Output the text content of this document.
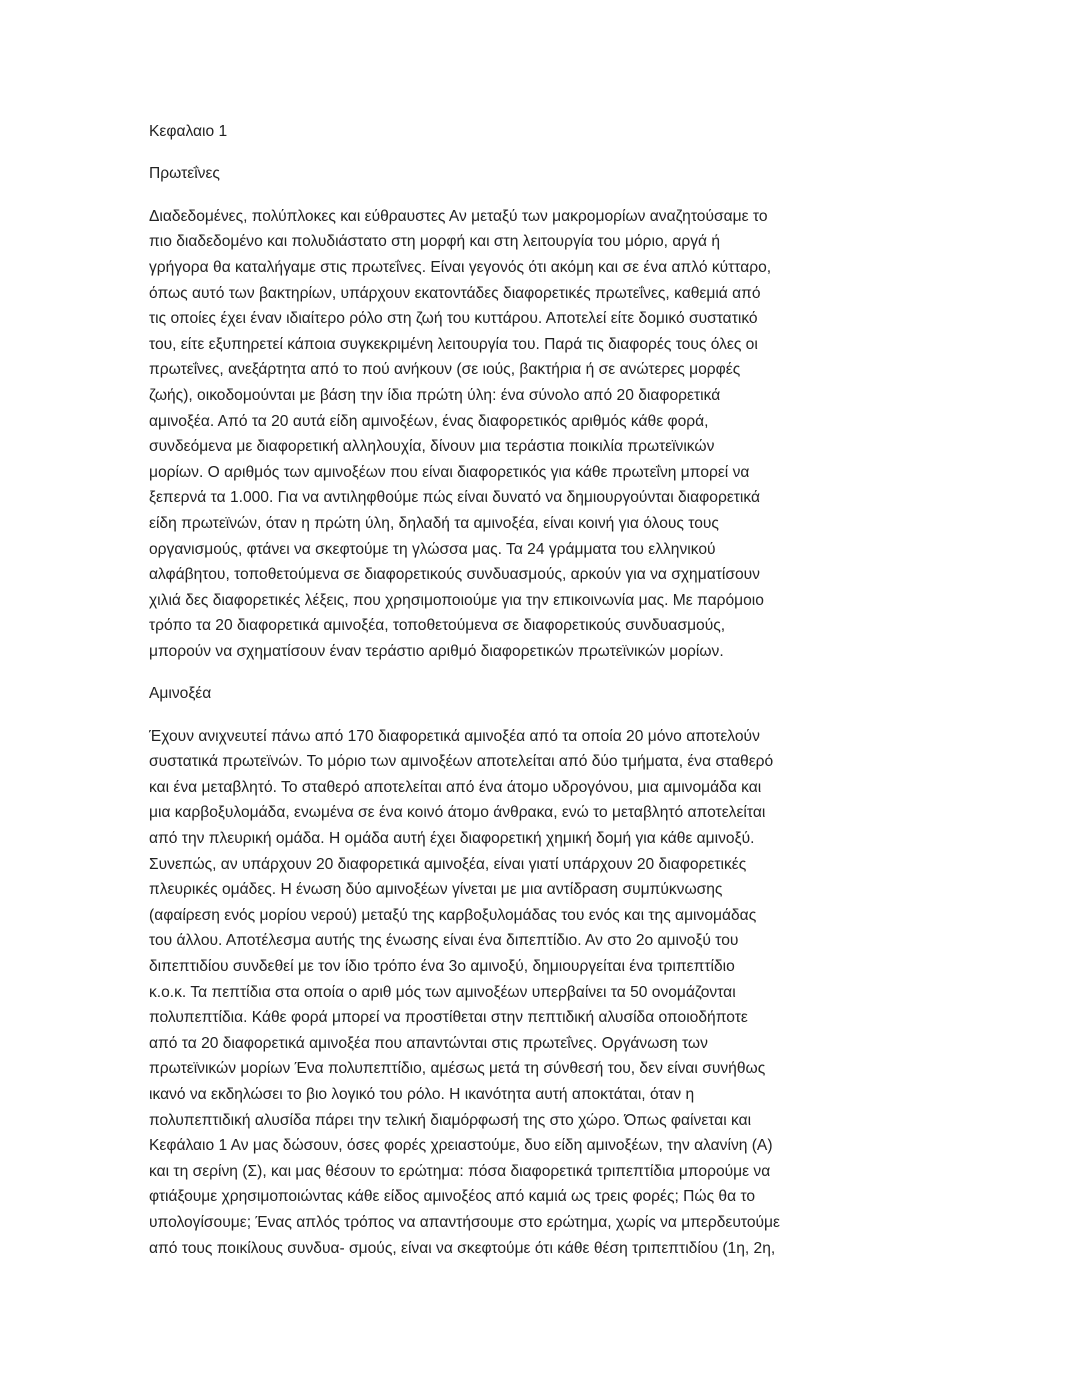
Κεφαλαιο 1
Πρωτεΐνες
Διαδεδομένες, πολύπλοκες και εύθραυστες Αν μεταξύ των μακρομορίων αναζητούσαμε το
πιο διαδεδομένο και πολυδιάστατο στη μορφή και στη λειτουργία του μόριο, αργά ή
γρήγορα θα καταλήγαμε στις πρωτεΐνες. Είναι γεγονός ότι ακόμη και σε ένα απλό κύτταρο,
όπως αυτό των βακτηρίων, υπάρχουν εκατοντάδες διαφορετικές πρωτεΐνες, καθεμιά από
τις οποίες έχει έναν ιδιαίτερο ρόλο στη ζωή του κυττάρου. Αποτελεί είτε δομικό συστατικό
του, είτε εξυπηρετεί κάποια συγκεκριμένη λειτουργία του. Παρά τις διαφορές τους όλες οι
πρωτεΐνες, ανεξάρτητα από το πού ανήκουν (σε ιούς, βακτήρια ή σε ανώτερες μορφές
ζωής), οικοδομούνται με βάση την ίδια πρώτη ύλη: ένα σύνολο από 20 διαφορετικά
αμινοξέα. Από τα 20 αυτά είδη αμινοξέων, ένας διαφορετικός αριθμός κάθε φορά,
συνδεόμενα με διαφορετική αλληλουχία, δίνουν μια τεράστια ποικιλία πρωτεϊνικών
μορίων. Ο αριθμός των αμινοξέων που είναι διαφορετικός για κάθε πρωτεΐνη μπορεί να
ξεπερνά τα 1.000. Για να αντιληφθούμε πώς είναι δυνατό να δημιουργούνται διαφορετικά
είδη πρωτεϊνών, όταν η πρώτη ύλη, δηλαδή τα αμινοξέα, είναι κοινή για όλους τους
οργανισμούς, φτάνει να σκεφτούμε τη γλώσσα μας. Τα 24 γράμματα του ελληνικού
αλφάβητου, τοποθετούμενα σε διαφορετικούς συνδυασμούς, αρκούν για να σχηματίσουν
χιλιά δες διαφορετικές λέξεις, που χρησιμοποιούμε για την επικοινωνία μας. Με παρόμοιο
τρόπο τα 20 διαφορετικά αμινοξέα, τοποθετούμενα σε διαφορετικούς συνδυασμούς,
μπορούν να σχηματίσουν έναν τεράστιο αριθμό διαφορετικών πρωτεϊνικών μορίων.
Αμινοξέα
Έχουν ανιχνευτεί πάνω από 170 διαφορετικά αμινοξέα από τα οποία 20 μόνο αποτελούν
συστατικά πρωτεϊνών. Το μόριο των αμινοξέων αποτελείται από δύο τμήματα, ένα σταθερό
και ένα μεταβλητό. Το σταθερό αποτελείται από ένα άτομο υδρογόνου, μια αμινομάδα και
μια καρβοξυλομάδα, ενωμένα σε ένα κοινό άτομο άνθρακα, ενώ το μεταβλητό αποτελείται
από την πλευρική ομάδα. Η ομάδα αυτή έχει διαφορετική χημική δομή για κάθε αμινοξύ.
Συνεπώς, αν υπάρχουν 20 διαφορετικά αμινοξέα, είναι γιατί υπάρχουν 20 διαφορετικές
πλευρικές ομάδες. Η ένωση δύο αμινοξέων γίνεται με μια αντίδραση συμπύκνωσης
(αφαίρεση ενός μορίου νερού) μεταξύ της καρβοξυλομάδας του ενός και της αμινομάδας
του άλλου. Αποτέλεσμα αυτής της ένωσης είναι ένα διπεπτίδιο. Αν στο 2ο αμινοξύ του
διπεπτιδίου συνδεθεί με τον ίδιο τρόπο ένα 3ο αμινοξύ, δημιουργείται ένα τριπεπτίδιο
κ.ο.κ. Τα πεπτίδια στα οποία ο αριθ μός των αμινοξέων υπερβαίνει τα 50 ονομάζονται
πολυπεπτίδια. Κάθε φορά μπορεί να προστίθεται στην πεπτιδική αλυσίδα οποιοδήποτε
από τα 20 διαφορετικά αμινοξέα που απαντώνται στις πρωτεΐνες. Οργάνωση των
πρωτεϊνικών μορίων Ένα πολυπεπτίδιο, αμέσως μετά τη σύνθεσή του, δεν είναι συνήθως
ικανό να εκδηλώσει το βιο λογικό του ρόλο. Η ικανότητα αυτή αποκτάται, όταν η
πολυπεπτιδική αλυσίδα πάρει την τελική διαμόρφωσή της στο χώρο. Όπως φαίνεται και
Κεφάλαιο 1 Αν μας δώσουν, όσες φορές χρειαστούμε, δυο είδη αμινοξέων, την αλανίνη (Α)
και τη σερίνη (Σ), και μας θέσουν το ερώτημα: πόσα διαφορετικά τριπεπτίδια μπορούμε να
φτιάξουμε χρησιμοποιώντας κάθε είδος αμινοξέος από καμιά ως τρεις φορές; Πώς θα το
υπολογίσουμε; Ένας απλός τρόπος να απαντήσουμε στο ερώτημα, χωρίς να μπερδευτούμε
από τους ποικίλους συνδυα- σμούς, είναι να σκεφτούμε ότι κάθε θέση τριπεπτιδίου (1η, 2η,
